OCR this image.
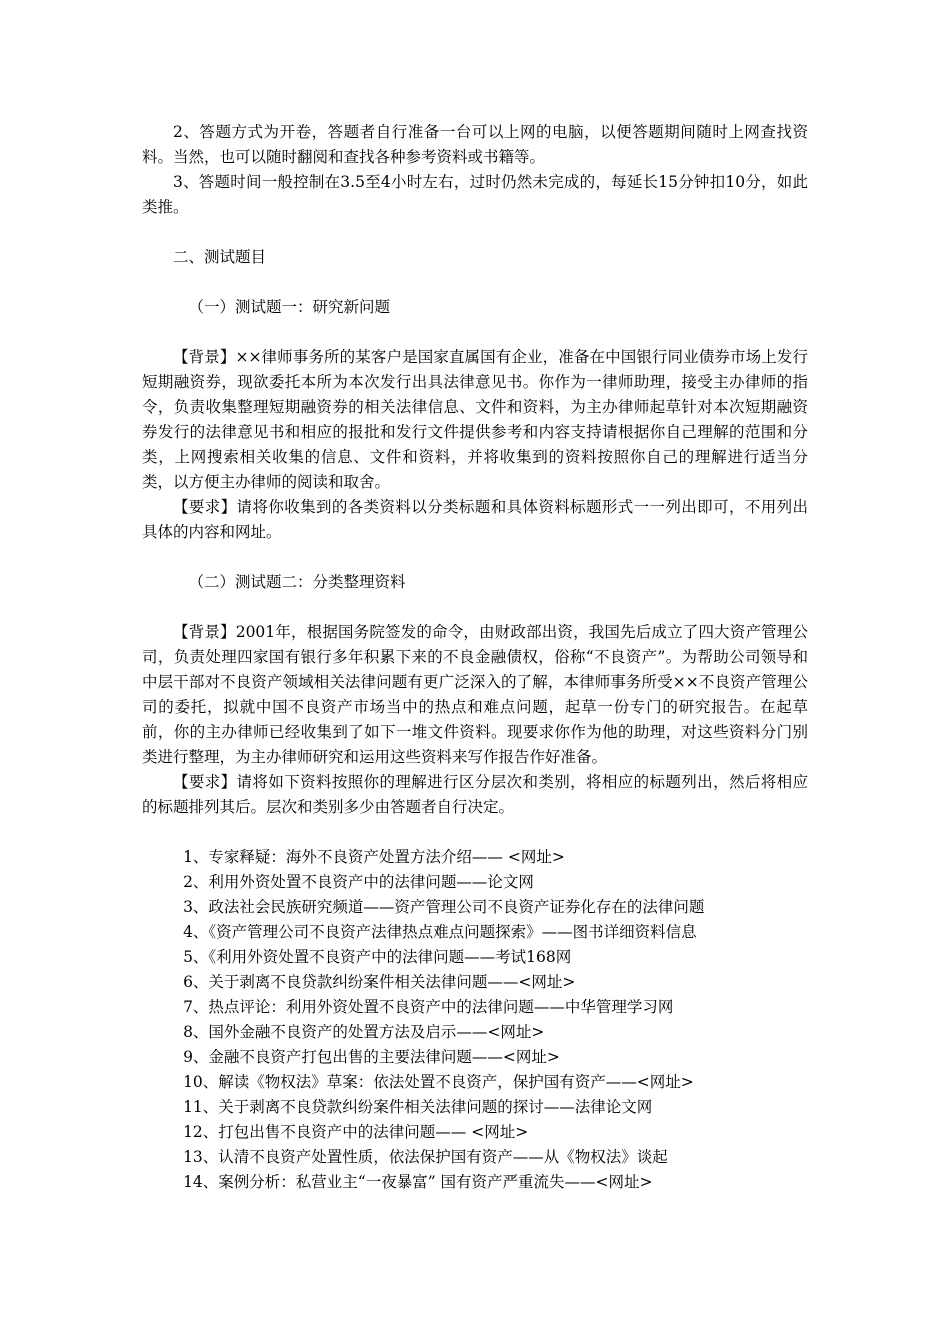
2、答题方式为开卷，答题者自行准备一台可以上网的电脑，以便答题期间随时上网查找资料。当然，也可以随时翻阅和查找各种参考资料或书籍等。

3、答题时间一般控制在3.5至4小时左右，过时仍然未完成的，每延长15分钟扣10分，如此类推。

二、测试题目

（一）测试题一：研究新问题

【背景】××律师事务所的某客户是国家直属国有企业，准备在中国银行同业债券市场上发行短期融资券，现欲委托本所为本次发行出具法律意见书。你作为一律师助理，接受主办律师的指令，负责收集整理短期融资券的相关法律信息、文件和资料，为主办律师起草针对本次短期融资券发行的法律意见书和相应的报批和发行文件提供参考和内容支持请根据你自己理解的范围和分类，上网搜索相关收集的信息、文件和资料，并将收集到的资料按照你自己的理解进行适当分类，以方便主办律师的阅读和取舍。

【要求】请将你收集到的各类资料以分类标题和具体资料标题形式一一列出即可，不用列出具体的内容和网址。

（二）测试题二：分类整理资料

【背景】2001年，根据国务院签发的命令，由财政部出资，我国先后成立了四大资产管理公司，负责处理四家国有银行多年积累下来的不良金融债权，俗称“不良资产”。为帮助公司领导和中层干部对不良资产领域相关法律问题有更广泛深入的了解，本律师事务所受××不良资产管理公司的委托，拟就中国不良资产市场当中的热点和难点问题，起草一份专门的研究报告。在起草前，你的主办律师已经收集到了如下一堆文件资料。现要求你作为他的助理，对这些资料分门别类进行整理，为主办律师研究和运用这些资料来写作报告作好准备。

【要求】请将如下资料按照你的理解进行区分层次和类别，将相应的标题列出，然后将相应的标题排列其后。层次和类别多少由答题者自行决定。

1、专家释疑：海外不良资产处置方法介绍—— <网址>

2、利用外资处置不良资产中的法律问题——论文网

3、政法社会民族研究频道——资产管理公司不良资产证券化存在的法律问题

4、《资产管理公司不良资产法律热点难点问题探索》——图书详细资料信息

5、《利用外资处置不良资产中的法律问题——考试168网

6、关于剥离不良贷款纠纷案件相关法律问题——<网址>

7、热点评论：利用外资处置不良资产中的法律问题——中华管理学习网

8、国外金融不良资产的处置方法及启示——<网址>

9、金融不良资产打包出售的主要法律问题——<网址>

10、解读《物权法》草案：依法处置不良资产，保护国有资产——<网址>

11、关于剥离不良贷款纠纷案件相关法律问题的探讨——法律论文网

12、打包出售不良资产中的法律问题—— <网址>

13、认清不良资产处置性质，依法保护国有资产——从《物权法》谈起

14、案例分析：私营业主“一夜暴富” 国有资产严重流失——<网址>
